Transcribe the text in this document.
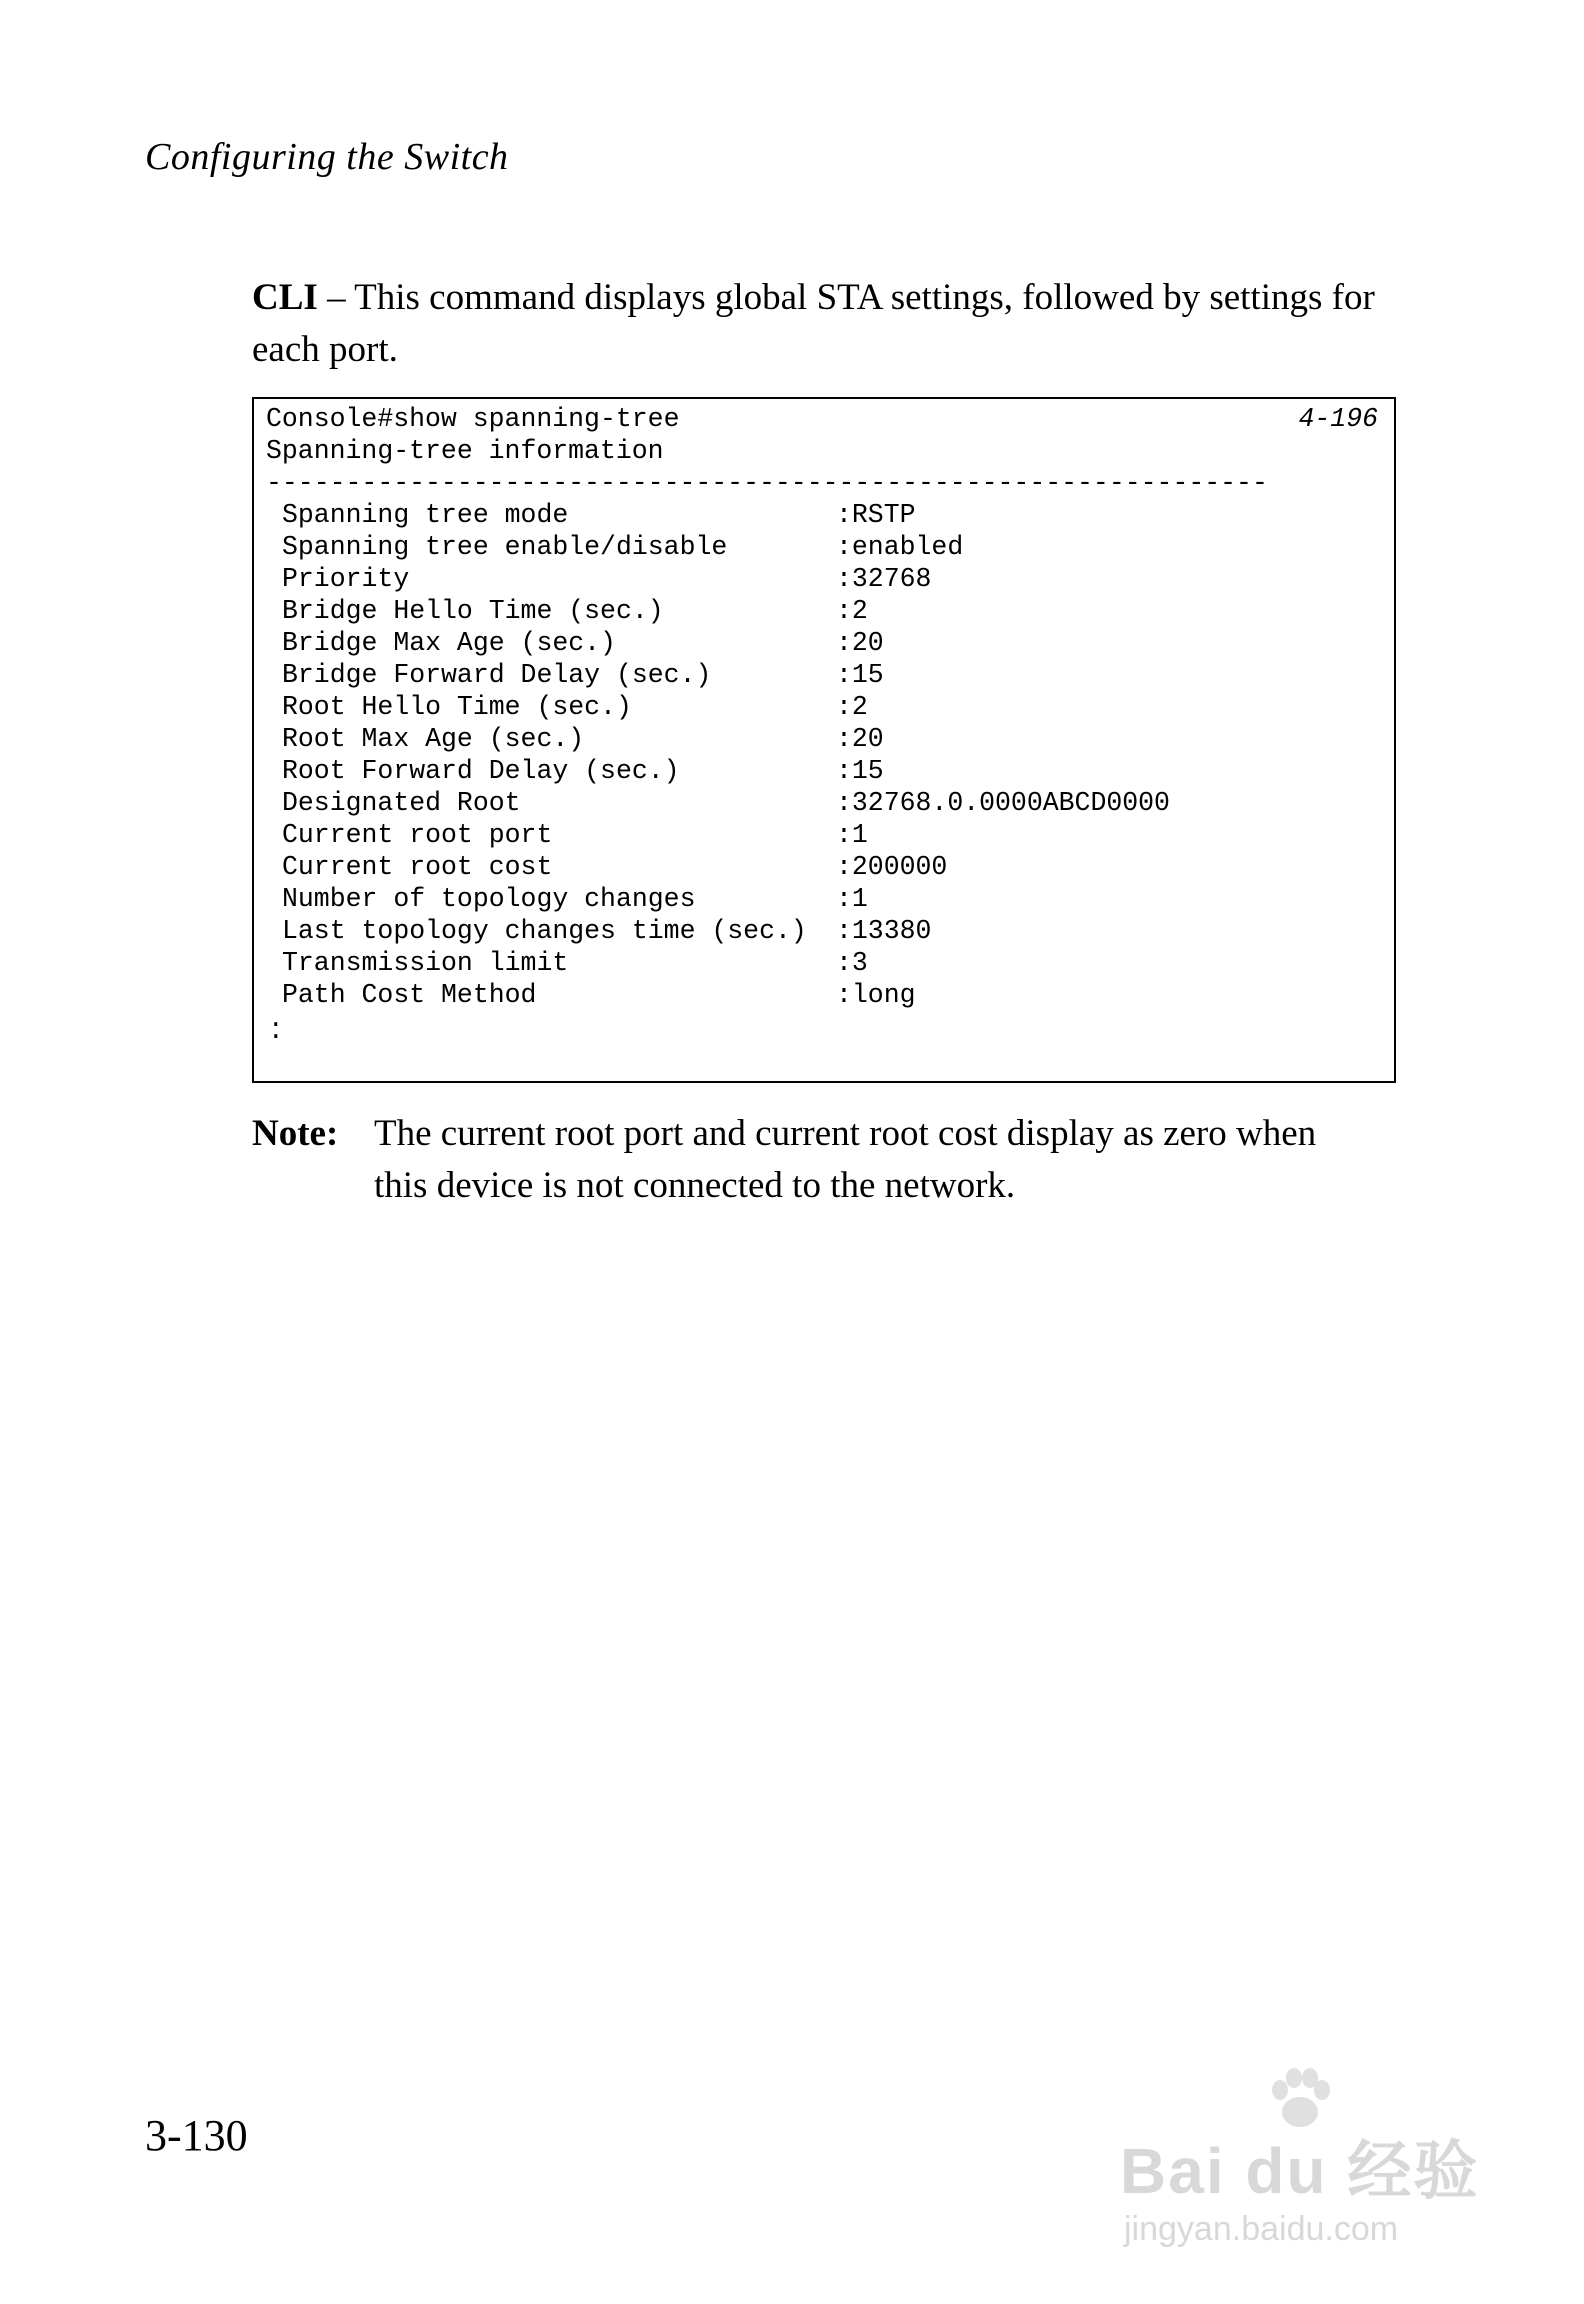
Configuring the Switch
CLI – This command displays global STA settings, followed by settings for each port.
Console#show spanning-tree	4-196
Spanning-tree information
---------------------------------------------------------------
Spanning tree mode	:RSTP
Spanning tree enable/disable	:enabled
Priority	:32768
Bridge Hello Time (sec.)	:2
Bridge Max Age (sec.)	:20
Bridge Forward Delay (sec.)	:15
Root Hello Time (sec.)	:2
Root Max Age (sec.)	:20
Root Forward Delay (sec.)	:15
Designated Root	:32768.0.0000ABCD0000
Current root port	:1
Current root cost	:200000
Number of topology changes	:1
Last topology changes time (sec.)	:13380
Transmission limit	:3
Path Cost Method	:long
.
.
Note: The current root port and current root cost display as zero when this device is not connected to the network.
3-130	Bai du 经验
jingyan.baidu.com
